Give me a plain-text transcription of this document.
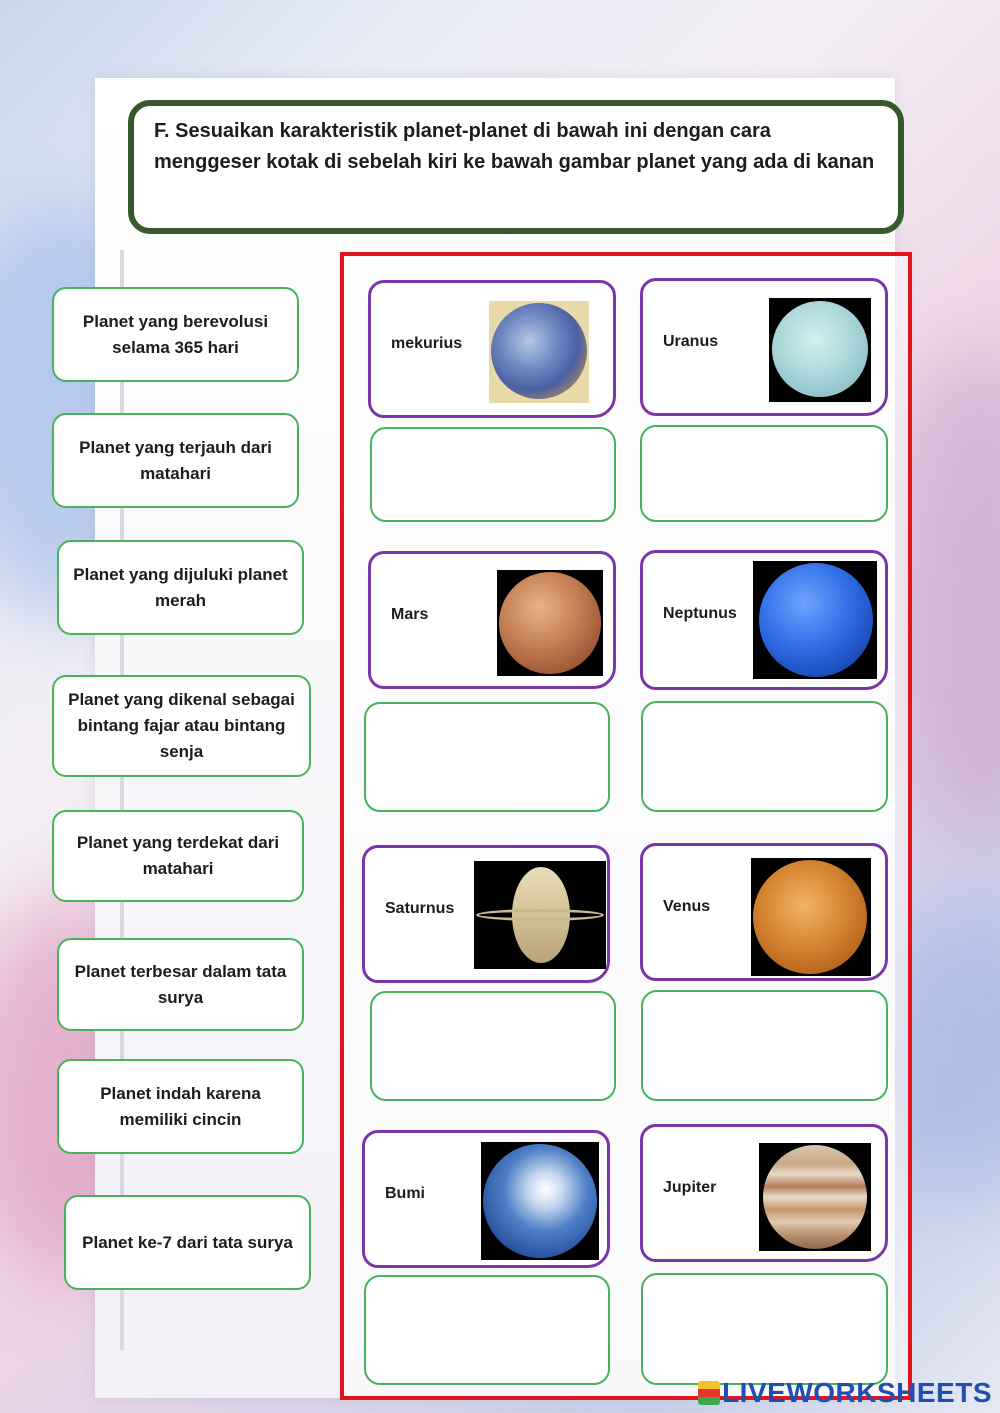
F. Sesuaikan karakteristik planet-planet di bawah ini dengan cara menggeser kotak di sebelah kiri ke bawah gambar planet yang ada di kanan
Planet yang berevolusi selama 365 hari
Planet yang terjauh dari matahari
Planet yang dijuluki planet merah
Planet yang dikenal sebagai bintang fajar atau bintang senja
Planet yang terdekat dari matahari
Planet terbesar dalam tata surya
Planet indah karena memiliki cincin
Planet ke-7 dari tata surya
mekurius	Uranus
Mars	Neptunus
Saturnus	Venus
Bumi	Jupiter
LIVEWORKSHEETS
